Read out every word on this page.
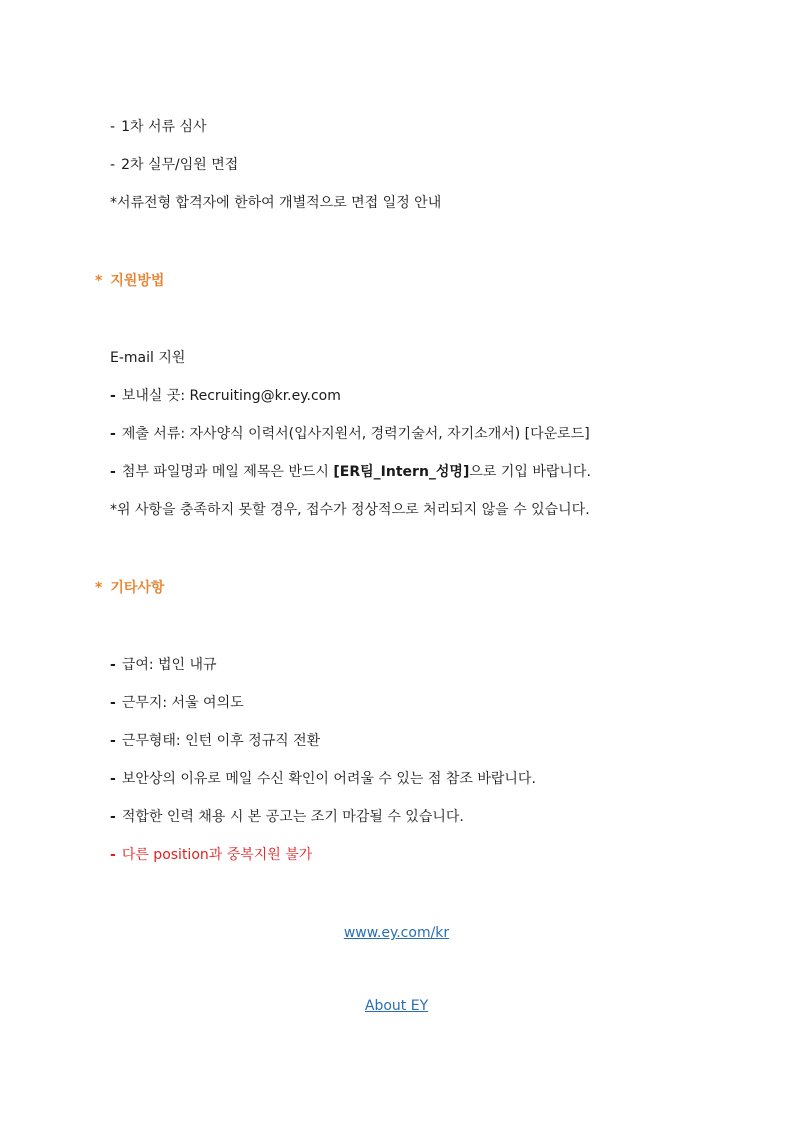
- 1차 서류 심사
- 2차 실무/임원 면접
*서류전형 합격자에 한하여 개별적으로 면접 일정 안내
* 지원방법
E-mail 지원
- 보내실 곳: Recruiting@kr.ey.com
- 제출 서류: 자사양식 이력서(입사지원서, 경력기술서, 자기소개서) [다운로드]
- 첨부 파일명과 메일 제목은 반드시 [ER팀_Intern_성명]으로 기입 바랍니다.
*위 사항을 충족하지 못할 경우, 접수가 정상적으로 처리되지 않을 수 있습니다.
* 기타사항
- 급여: 법인 내규
- 근무지: 서울 여의도
- 근무형태: 인턴 이후 정규직 전환
- 보안상의 이유로 메일 수신 확인이 어려울 수 있는 점 참조 바랍니다.
- 적합한 인력 채용 시 본 공고는 조기 마감될 수 있습니다.
- 다른 position과 중복지원 불가
www.ey.com/kr
About EY
